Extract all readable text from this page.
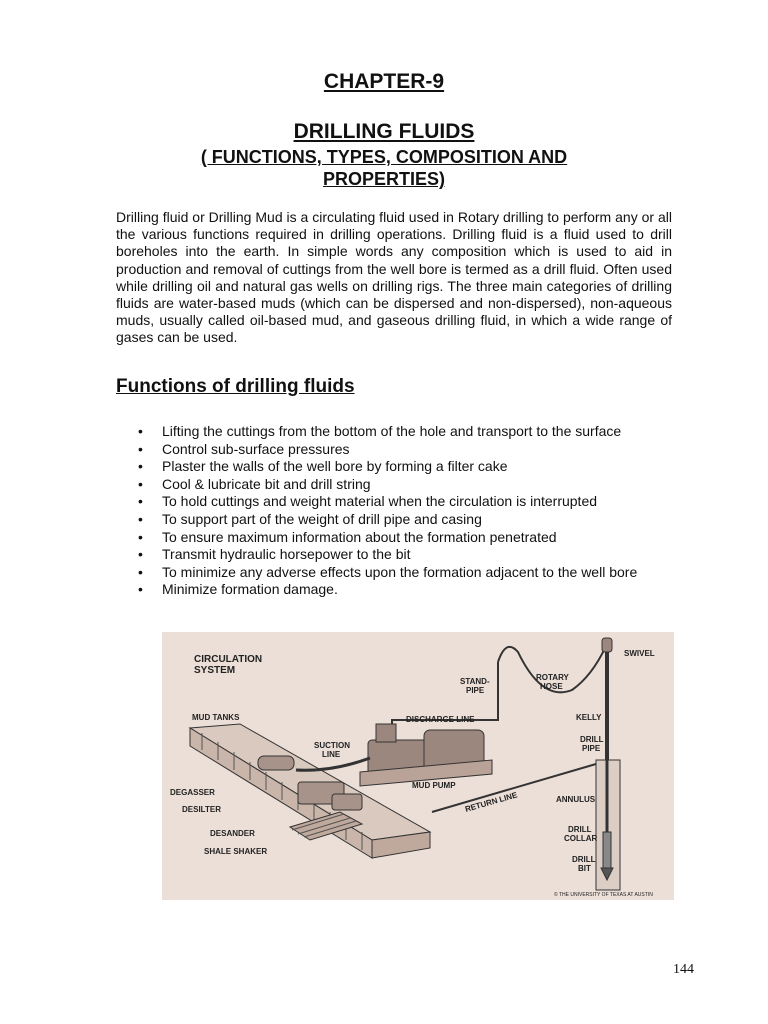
CHAPTER-9
DRILLING FLUIDS
( FUNCTIONS, TYPES, COMPOSITION AND PROPERTIES)

Drilling fluid or Drilling Mud is a circulating fluid used in Rotary drilling to perform any or all the various functions required in drilling operations. Drilling fluid is a fluid used to drill boreholes into the earth. In simple words any composition which is used to aid in production and removal of cuttings from the well bore is termed as a drill fluid. Often used while drilling oil and natural gas wells on drilling rigs. The three main categories of drilling fluids are water-based muds (which can be dispersed and non-dispersed), non-aqueous muds, usually called oil-based mud, and gaseous drilling fluid, in which a wide range of gases can be used.

Functions of drilling fluids
• Lifting the cuttings from the bottom of the hole and transport to the surface
• Control sub-surface pressures
• Plaster the walls of the well bore by forming a filter cake
• Cool & lubricate bit and drill string
• To hold cuttings and weight material when the circulation is interrupted
• To support part of the weight of drill pipe and casing
• To ensure maximum information about the formation penetrated
• Transmit hydraulic horsepower to the bit
• To minimize any adverse effects upon the formation adjacent to the well bore
• Minimize formation damage.
CIRCULATION
SYSTEM
SWIVEL
STAND-
PIPE
ROTARY
HOSE
MUD TANKS	DISCHARGE LINE	KELLY
SUCTION
LINE
DRILL
PIPE
DEGASSER
MUD PUMP
RETURN LINE	ANNULUS
DESILTER
DESANDER	DRILL
COLLAR
SHALE SHAKER
DRILL
BIT
© THE UNIVERSITY OF TEXAS AT AUSTIN

144
